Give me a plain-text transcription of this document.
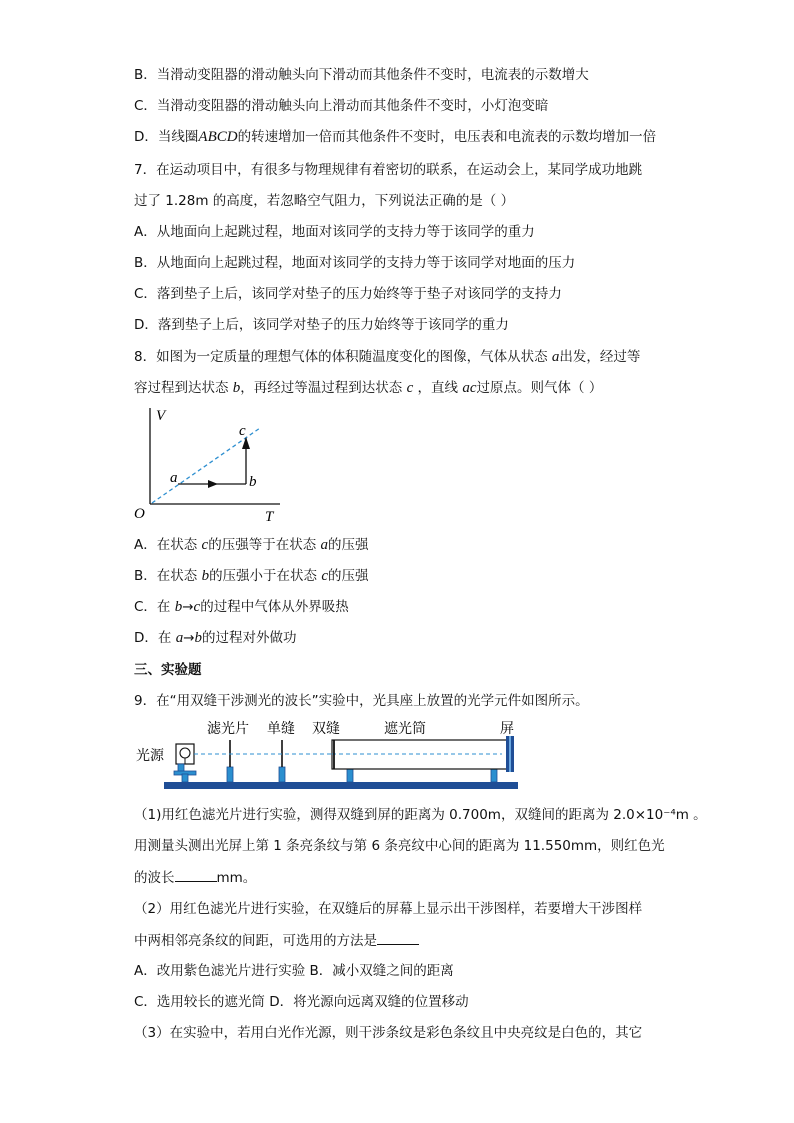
B．当滑动变阻器的滑动触头向下滑动而其他条件不变时，电流表的示数增大
C．当滑动变阻器的滑动触头向上滑动而其他条件不变时，小灯泡变暗
D．当线圈ABCD的转速增加一倍而其他条件不变时，电压表和电流表的示数均增加一倍
7．在运动项目中，有很多与物理规律有着密切的联系，在运动会上，某同学成功地跳
过了 1.28m 的高度，若忽略空气阻力，下列说法正确的是（ ）
A．从地面向上起跳过程，地面对该同学的支持力等于该同学的重力
B．从地面向上起跳过程，地面对该同学的支持力等于该同学对地面的压力
C．落到垫子上后，该同学对垫子的压力始终等于垫子对该同学的支持力
D．落到垫子上后，该同学对垫子的压力始终等于该同学的重力
8．如图为一定质量的理想气体的体积随温度变化的图像，气体从状态 a出发，经过等
容过程到达状态 b，再经过等温过程到达状态 c ，直线 ac过原点。则气体（ ）
V
T
O
a	b
c
A．在状态 c的压强等于在状态 a的压强
B．在状态 b的压强小于在状态 c的压强
C．在 b→c的过程中气体从外界吸热
D．在 a→b的过程对外做功
三、实验题
9．在“用双缝干涉测光的波长”实验中，光具座上放置的光学元件如图所示。
光源
滤光片 单缝 双缝	遮光筒	屏
（1)用红色滤光片进行实验，测得双缝到屏的距离为 0.700m，双缝间的距离为 2.0×10⁻⁴m 。
用测量头测出光屏上第 1 条亮条纹与第 6 条亮纹中心间的距离为 11.550mm，则红色光
的波长	mm。
（2）用红色滤光片进行实验，在双缝后的屏幕上显示出干涉图样，若要增大干涉图样
中两相邻亮条纹的间距，可选用的方法是
A．改用紫色滤光片进行实验 B．减小双缝之间的距离
C．选用较长的遮光筒 D．将光源向远离双缝的位置移动
（3）在实验中，若用白光作光源，则干涉条纹是彩色条纹且中央亮纹是白色的，其它
